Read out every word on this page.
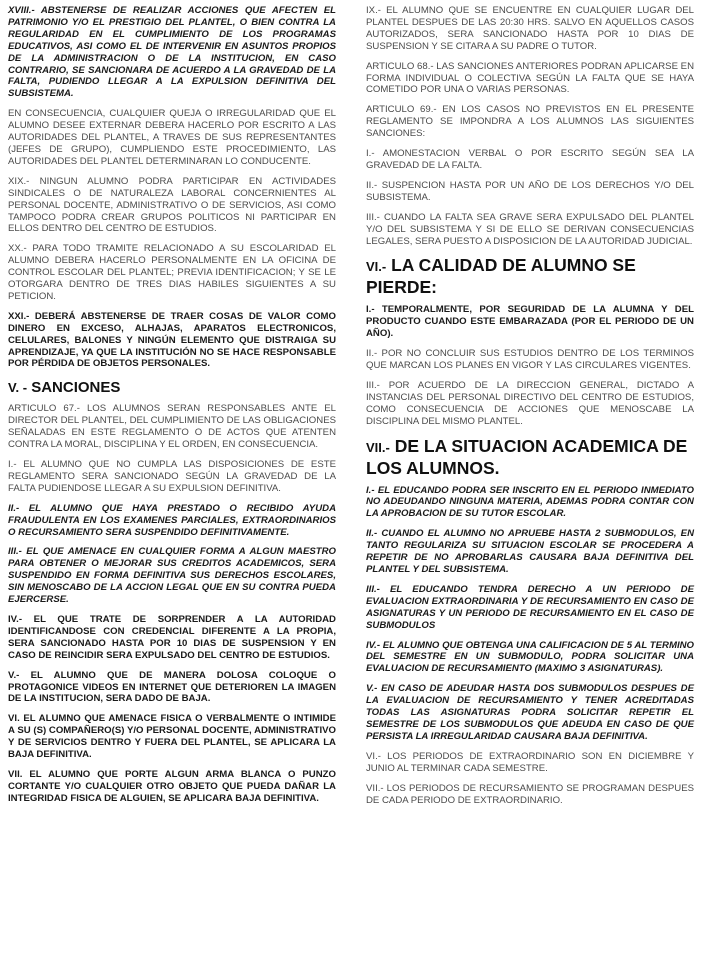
XVIII.- ABSTENERSE DE REALIZAR ACCIONES QUE AFECTEN EL PATRIMONIO Y/O EL PRESTIGIO DEL PLANTEL, O BIEN CONTRA LA REGULARIDAD EN EL CUMPLIMIENTO DE LOS PROGRAMAS EDUCATIVOS, ASI COMO EL DE INTERVENIR EN ASUNTOS PROPIOS DE LA ADMINISTRACION O DE LA INSTITUCION, EN CASO CONTRARIO, SE SANCIONARA DE ACUERDO A LA GRAVEDAD DE LA FALTA, PUDIENDO LLEGAR A LA EXPULSION DEFINITIVA DEL SUBSISTEMA.

EN CONSECUENCIA, CUALQUIER QUEJA O IRREGULARIDAD QUE EL ALUMNO DESEE EXTERNAR DEBERA HACERLO POR ESCRITO A LAS AUTORIDADES DEL PLANTEL, A TRAVES DE SUS REPRESENTANTES (JEFES DE GRUPO), CUMPLIENDO ESTE PROCEDIMIENTO, LAS AUTORIDADES DEL PLANTEL DETERMINARAN LO CONDUCENTE.

XIX.- NINGUN ALUMNO PODRA PARTICIPAR EN ACTIVIDADES SINDICALES O DE NATURALEZA LABORAL CONCERNIENTES AL PERSONAL DOCENTE, ADMINISTRATIVO O DE SERVICIOS, ASI COMO TAMPOCO PODRA CREAR GRUPOS POLITICOS NI PARTICIPAR EN ELLOS DENTRO DEL CENTRO DE ESTUDIOS.

XX.- PARA TODO TRAMITE RELACIONADO A SU ESCOLARIDAD EL ALUMNO DEBERA HACERLO PERSONALMENTE EN LA OFICINA DE CONTROL ESCOLAR DEL PLANTEL; PREVIA IDENTIFICACION; Y SE LE OTORGARA DENTRO DE TRES DIAS HABILES SIGUIENTES A SU PETICION.

XXI.- DEBERÁ ABSTENERSE DE TRAER COSAS DE VALOR COMO DINERO EN EXCESO, ALHAJAS, APARATOS ELECTRONICOS, CELULARES, BALONES Y NINGÚN ELEMENTO QUE DISTRAIGA SU APRENDIZAJE, YA QUE LA INSTITUCIÓN NO SE HACE RESPONSABLE POR PÉRDIDA DE OBJETOS PERSONALES.

V. - SANCIONES

ARTICULO 67.- LOS ALUMNOS SERAN RESPONSABLES ANTE EL DIRECTOR DEL PLANTEL, DEL CUMPLIMIENTO DE LAS OBLIGACIONES SEÑALADAS EN ESTE REGLAMENTO O DE ACTOS QUE ATENTEN CONTRA LA MORAL, DISCIPLINA Y EL ORDEN, EN CONSECUENCIA.

I.- EL ALUMNO QUE NO CUMPLA LAS DISPOSICIONES DE ESTE REGLAMENTO SERA SANCIONADO SEGÚN LA GRAVEDAD DE LA FALTA PUDIENDOSE LLEGAR A SU EXPULSION DEFINITIVA.

II.- EL ALUMNO QUE HAYA PRESTADO O RECIBIDO AYUDA FRAUDULENTA EN LOS EXAMENES PARCIALES, EXTRAORDINARIOS O RECURSAMIENTO SERA SUSPENDIDO DEFINITIVAMENTE.

III.- EL QUE AMENACE EN CUALQUIER FORMA A ALGUN MAESTRO PARA OBTENER O MEJORAR SUS CREDITOS ACADEMICOS, SERA SUSPENDIDO EN FORMA DEFINITIVA SUS DERECHOS ESCOLARES, SIN MENOSCABO DE LA ACCION LEGAL QUE EN SU CONTRA PUEDA EJERCERSE.

IV.- EL QUE TRATE DE SORPRENDER A LA AUTORIDAD IDENTIFICANDOSE CON CREDENCIAL DIFERENTE A LA PROPIA, SERA SANCIONADO HASTA POR 10 DIAS DE SUSPENSION Y EN CASO DE REINCIDIR SERA EXPULSADO DEL CENTRO DE ESTUDIOS.

V.- EL ALUMNO QUE DE MANERA DOLOSA COLOQUE O PROTAGONICE VIDEOS EN INTERNET QUE DETERIOREN LA IMAGEN DE LA INSTITUCION, SERA DADO DE BAJA.

VI. EL ALUMNO QUE AMENACE FISICA O VERBALMENTE O INTIMIDE A SU (S) COMPAÑERO(S) Y/O PERSONAL DOCENTE, ADMINISTRATIVO Y DE SERVICIOS DENTRO Y FUERA DEL PLANTEL, SE APLICARA LA BAJA DEFINITIVA.

VII. EL ALUMNO QUE PORTE ALGUN ARMA BLANCA O PUNZO CORTANTE Y/O CUALQUIER OTRO OBJETO QUE PUEDA DAÑAR LA INTEGRIDAD FISICA DE ALGUIEN, SE APLICARA BAJA DEFINITIVA.

IX.- EL ALUMNO QUE SE ENCUENTRE EN CUALQUIER LUGAR DEL PLANTEL DESPUES DE LAS 20:30 HRS. SALVO EN AQUELLOS CASOS AUTORIZADOS, SERA SANCIONADO HASTA POR 10 DIAS DE SUSPENSION Y SE CITARA A SU PADRE O TUTOR.

ARTICULO 68.- LAS SANCIONES ANTERIORES PODRAN APLICARSE EN FORMA INDIVIDUAL O COLECTIVA SEGÚN LA FALTA QUE SE HAYA COMETIDO POR UNA O VARIAS PERSONAS.

ARTICULO 69.- EN LOS CASOS NO PREVISTOS EN EL PRESENTE REGLAMENTO SE IMPONDRA A LOS ALUMNOS LAS SIGUIENTES SANCIONES:

I.- AMONESTACION VERBAL O POR ESCRITO SEGÚN SEA LA GRAVEDAD DE LA FALTA.

II.- SUSPENCION HASTA POR UN AÑO DE LOS DERECHOS Y/O DEL SUBSISTEMA.

III.- CUANDO LA FALTA SEA GRAVE SERA EXPULSADO DEL PLANTEL Y/O DEL SUBSISTEMA Y SI DE ELLO SE DERIVAN CONSECUENCIAS LEGALES, SERA PUESTO A DISPOSICION DE LA AUTORIDAD JUDICIAL.

VI.- LA CALIDAD DE ALUMNO SE PIERDE:

I.- TEMPORALMENTE, POR SEGURIDAD DE LA ALUMNA Y DEL PRODUCTO CUANDO ESTE EMBARAZADA (POR EL PERIODO DE UN AÑO).

II.- POR NO CONCLUIR SUS ESTUDIOS DENTRO DE LOS TERMINOS QUE MARCAN LOS PLANES EN VIGOR Y LAS CIRCULARES VIGENTES.

III.- POR ACUERDO DE LA DIRECCION GENERAL, DICTADO A INSTANCIAS DEL PERSONAL DIRECTIVO DEL CENTRO DE ESTUDIOS, COMO CONSECUENCIA DE ACCIONES QUE MENOSCABE LA DISCIPLINA DEL MISMO PLANTEL.

VII.- DE LA SITUACION ACADEMICA DE LOS ALUMNOS.

I.- EL EDUCANDO PODRA SER INSCRITO EN EL PERIODO INMEDIATO NO ADEUDANDO NINGUNA MATERIA, ADEMAS PODRA CONTAR CON LA APROBACION DE SU TUTOR ESCOLAR.

II.- CUANDO EL ALUMNO NO APRUEBE HASTA 2 SUBMODULOS, EN TANTO REGULARIZA SU SITUACION ESCOLAR SE PROCEDERA A REPETIR DE NO APROBARLAS CAUSARA BAJA DEFINITIVA DEL PLANTEL Y DEL SUBSISTEMA.

III.- EL EDUCANDO TENDRA DERECHO A UN PERIODO DE EVALUACION EXTRAORDINARIA Y DE RECURSAMIENTO EN CASO DE ASIGNATURAS Y UN PERIODO DE RECURSAMIENTO EN EL CASO DE SUBMODULOS

IV.- EL ALUMNO QUE OBTENGA UNA CALIFICACION DE 5 AL TERMINO DEL SEMESTRE EN UN SUBMODULO, PODRA SOLICITAR UNA EVALUACION DE RECURSAMIENTO (MAXIMO 3 ASIGNATURAS).

V.- EN CASO DE ADEUDAR HASTA DOS SUBMODULOS DESPUES DE LA EVALUACION DE RECURSAMIENTO Y TENER ACREDITADAS TODAS LAS ASIGNATURAS PODRA SOLICITAR REPETIR EL SEMESTRE DE LOS SUBMODULOS QUE ADEUDA EN CASO DE QUE PERSISTA LA IRREGULARIDAD CAUSARA BAJA DEFINITIVA.

VI.- LOS PERIODOS DE EXTRAORDINARIO SON EN DICIEMBRE Y JUNIO AL TERMINAR CADA SEMESTRE.

VII.- LOS PERIODOS DE RECURSAMIENTO SE PROGRAMAN DESPUES DE CADA PERIODO DE EXTRAORDINARIO.
